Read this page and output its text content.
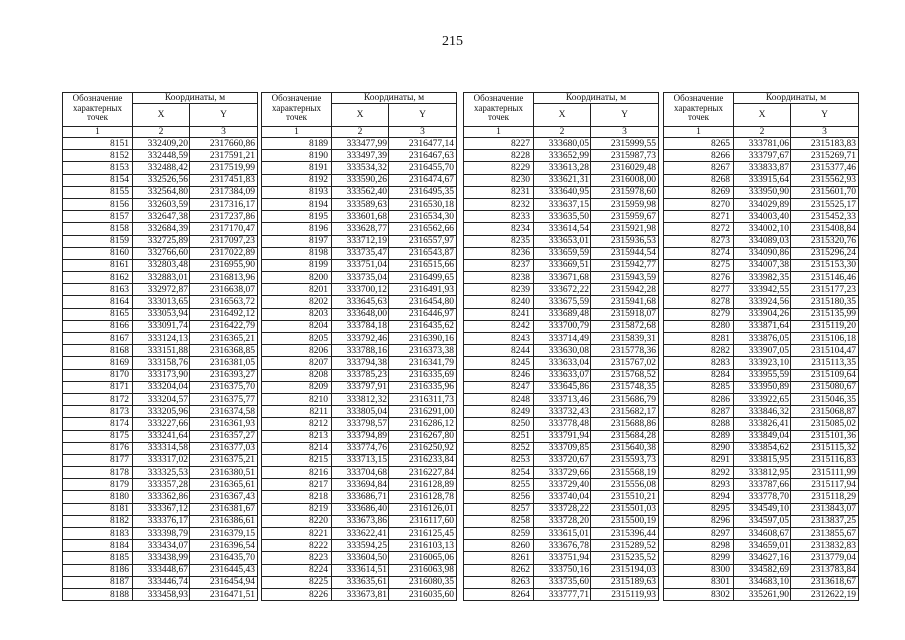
215
Обозначение характерных точек	Координаты, м	
	X	Y
1	2	3
8151	332409,20	2317660,86
8152	332448,59	2317591,21
8153	332488,42	2317519,99
8154	332526,56	2317451,83
8155	332564,80	2317384,09
8156	332603,59	2317316,17
8157	332647,38	2317237,86
8158	332684,39	2317170,47
8159	332725,89	2317097,23
8160	332766,60	2317022,89
8161	332803,48	2316955,90
8162	332883,01	2316813,96
8163	332972,87	2316638,07
8164	333013,65	2316563,72
8165	333053,94	2316492,12
8166	333091,74	2316422,79
8167	333124,13	2316365,21
8168	333151,88	2316368,85
8169	333158,76	2316381,05
8170	333173,90	2316393,27
8171	333204,04	2316375,70
8172	333204,57	2316375,77
8173	333205,96	2316374,58
8174	333227,66	2316361,93
8175	333241,64	2316357,27
8176	333314,58	2316377,03
8177	333317,02	2316375,21
8178	333325,53	2316380,51
8179	333357,28	2316365,61
8180	333362,86	2316367,43
8181	333367,12	2316381,67
8182	333376,17	2316386,61
8183	333398,79	2316379,15
8184	333434,07	2316396,54
8185	333438,99	2316435,70
8186	333448,67	2316445,43
8187	333446,74	2316454,94
8188	333458,93	2316471,51
Обозначение характерных точек	Координаты, м	
	X	Y
1	2	3
8189	333477,99	2316477,14
8190	333497,39	2316467,63
8191	333534,32	2316455,70
8192	333590,26	2316474,67
8193	333562,40	2316495,35
8194	333589,63	2316530,18
8195	333601,68	2316534,30
8196	333628,77	2316562,66
8197	333712,19	2316557,97
8198	333735,47	2316543,87
8199	333751,04	2316515,66
8200	333735,04	2316499,65
8201	333700,12	2316491,93
8202	333645,63	2316454,80
8203	333648,00	2316446,97
8204	333784,18	2316435,62
8205	333792,46	2316390,16
8206	333788,16	2316373,38
8207	333794,38	2316341,79
8208	333785,23	2316335,69
8209	333797,91	2316335,96
8210	333812,32	2316311,73
8211	333805,04	2316291,00
8212	333798,57	2316286,12
8213	333794,89	2316267,80
8214	333774,76	2316250,92
8215	333713,15	2316233,84
8216	333704,68	2316227,84
8217	333694,84	2316128,89
8218	333686,71	2316128,78
8219	333686,40	2316126,01
8220	333673,86	2316117,60
8221	333622,41	2316125,45
8222	333594,25	2316103,13
8223	333604,50	2316065,06
8224	333614,51	2316063,98
8225	333635,61	2316080,35
8226	333673,81	2316035,60
Обозначение характерных точек	Координаты, м	
	X	Y
1	2	3
8227	333680,05	2315999,55
8228	333652,99	2315987,73
8229	333613,28	2316029,48
8230	333621,31	2316008,00
8231	333640,95	2315978,60
8232	333637,15	2315959,98
8233	333635,50	2315959,67
8234	333614,54	2315921,98
8235	333653,01	2315936,53
8236	333659,59	2315944,54
8237	333669,51	2315942,77
8238	333671,68	2315943,59
8239	333672,22	2315942,28
8240	333675,59	2315941,68
8241	333689,48	2315918,07
8242	333700,79	2315872,68
8243	333714,49	2315839,31
8244	333630,08	2315778,36
8245	333633,04	2315767,02
8246	333633,07	2315768,52
8247	333645,86	2315748,35
8248	333713,46	2315686,79
8249	333732,43	2315682,17
8250	333778,48	2315688,86
8251	333791,94	2315684,28
8252	333709,85	2315640,38
8253	333720,67	2315593,73
8254	333729,66	2315568,19
8255	333729,40	2315556,08
8256	333740,04	2315510,21
8257	333728,22	2315501,03
8258	333728,20	2315500,19
8259	333615,01	2315396,44
8260	333676,78	2315289,52
8261	333751,94	2315235,52
8262	333750,16	2315194,03
8263	333735,60	2315189,63
8264	333777,71	2315119,93
Обозначение характерных точек	Координаты, м	
	X	Y
1	2	3
8265	333781,06	2315183,83
8266	333797,67	2315269,71
8267	333833,87	2315377,46
8268	333915,64	2315562,93
8269	333950,90	2315601,70
8270	334029,89	2315525,17
8271	334003,40	2315452,33
8272	334002,10	2315408,84
8273	334089,03	2315320,76
8274	334090,86	2315296,24
8275	334007,38	2315153,30
8276	333982,35	2315146,46
8277	333942,55	2315177,23
8278	333924,56	2315180,35
8279	333904,26	2315135,99
8280	333871,64	2315119,20
8281	333876,05	2315106,18
8282	333907,05	2315104,47
8283	333923,10	2315113,35
8284	333955,59	2315109,64
8285	333950,89	2315080,67
8286	333922,65	2315046,35
8287	333846,32	2315068,87
8288	333826,41	2315085,02
8289	333849,04	2315101,36
8290	333854,62	2315115,32
8291	333815,95	2315116,83
8292	333812,95	2315111,99
8293	333787,66	2315117,94
8294	333778,70	2315118,29
8295	334549,10	2313843,07
8296	334597,05	2313837,25
8297	334608,67	2313855,67
8298	334659,01	2313832,83
8299	334627,16	2313779,04
8300	334582,69	2313783,84
8301	334683,10	2313618,67
8302	335261,90	2312622,19
